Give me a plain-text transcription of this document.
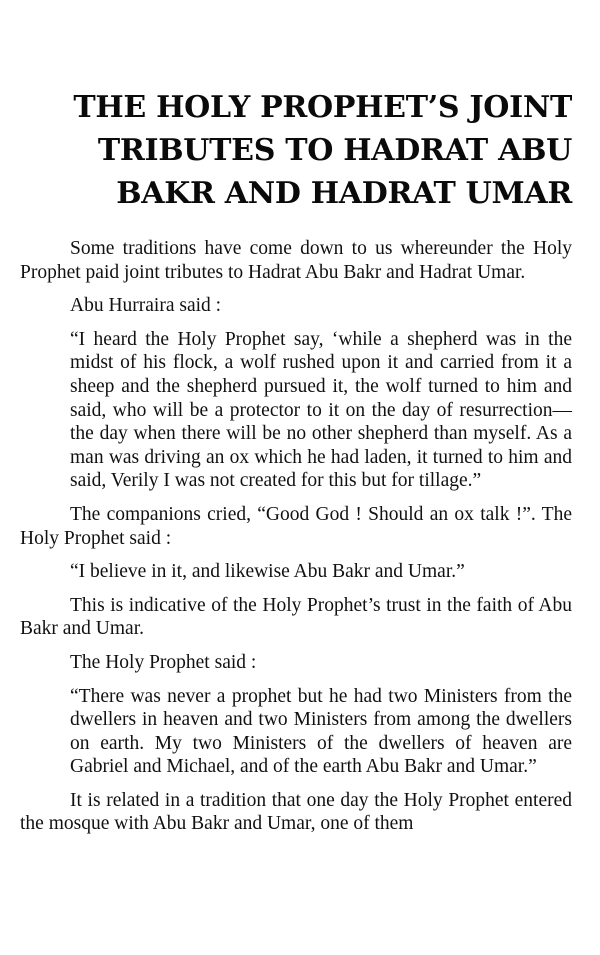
THE HOLY PROPHET’S JOINT
TRIBUTES TO HADRAT ABU
BAKR AND HADRAT UMAR

Some traditions have come down to us whereunder the Holy Prophet paid joint tributes to Hadrat Abu Bakr and Hadrat Umar.

Abu Hurraira said :

“I heard the Holy Prophet say, ‘while a shepherd was in the midst of his flock, a wolf rushed upon it and carried from it a sheep and the shepherd pursued it, the wolf turned to him and said, who will be a protector to it on the day of resurrection—the day when there will be no other shepherd than myself. As a man was driving an ox which he had laden, it turned to him and said, Verily I was not created for this but for tillage.”

The companions cried, “Good God ! Should an ox talk !”. The Holy Prophet said :

“I believe in it, and likewise Abu Bakr and Umar.”

This is indicative of the Holy Prophet’s trust in the faith of Abu Bakr and Umar.

The Holy Prophet said :

“There was never a prophet but he had two Ministers from the dwellers in heaven and two Ministers from among the dwellers on earth. My two Ministers of the dwellers of heaven are Gabriel and Michael, and of the earth Abu Bakr and Umar.”

It is related in a tradition that one day the Holy Prophet entered the mosque with Abu Bakr and Umar, one of them
